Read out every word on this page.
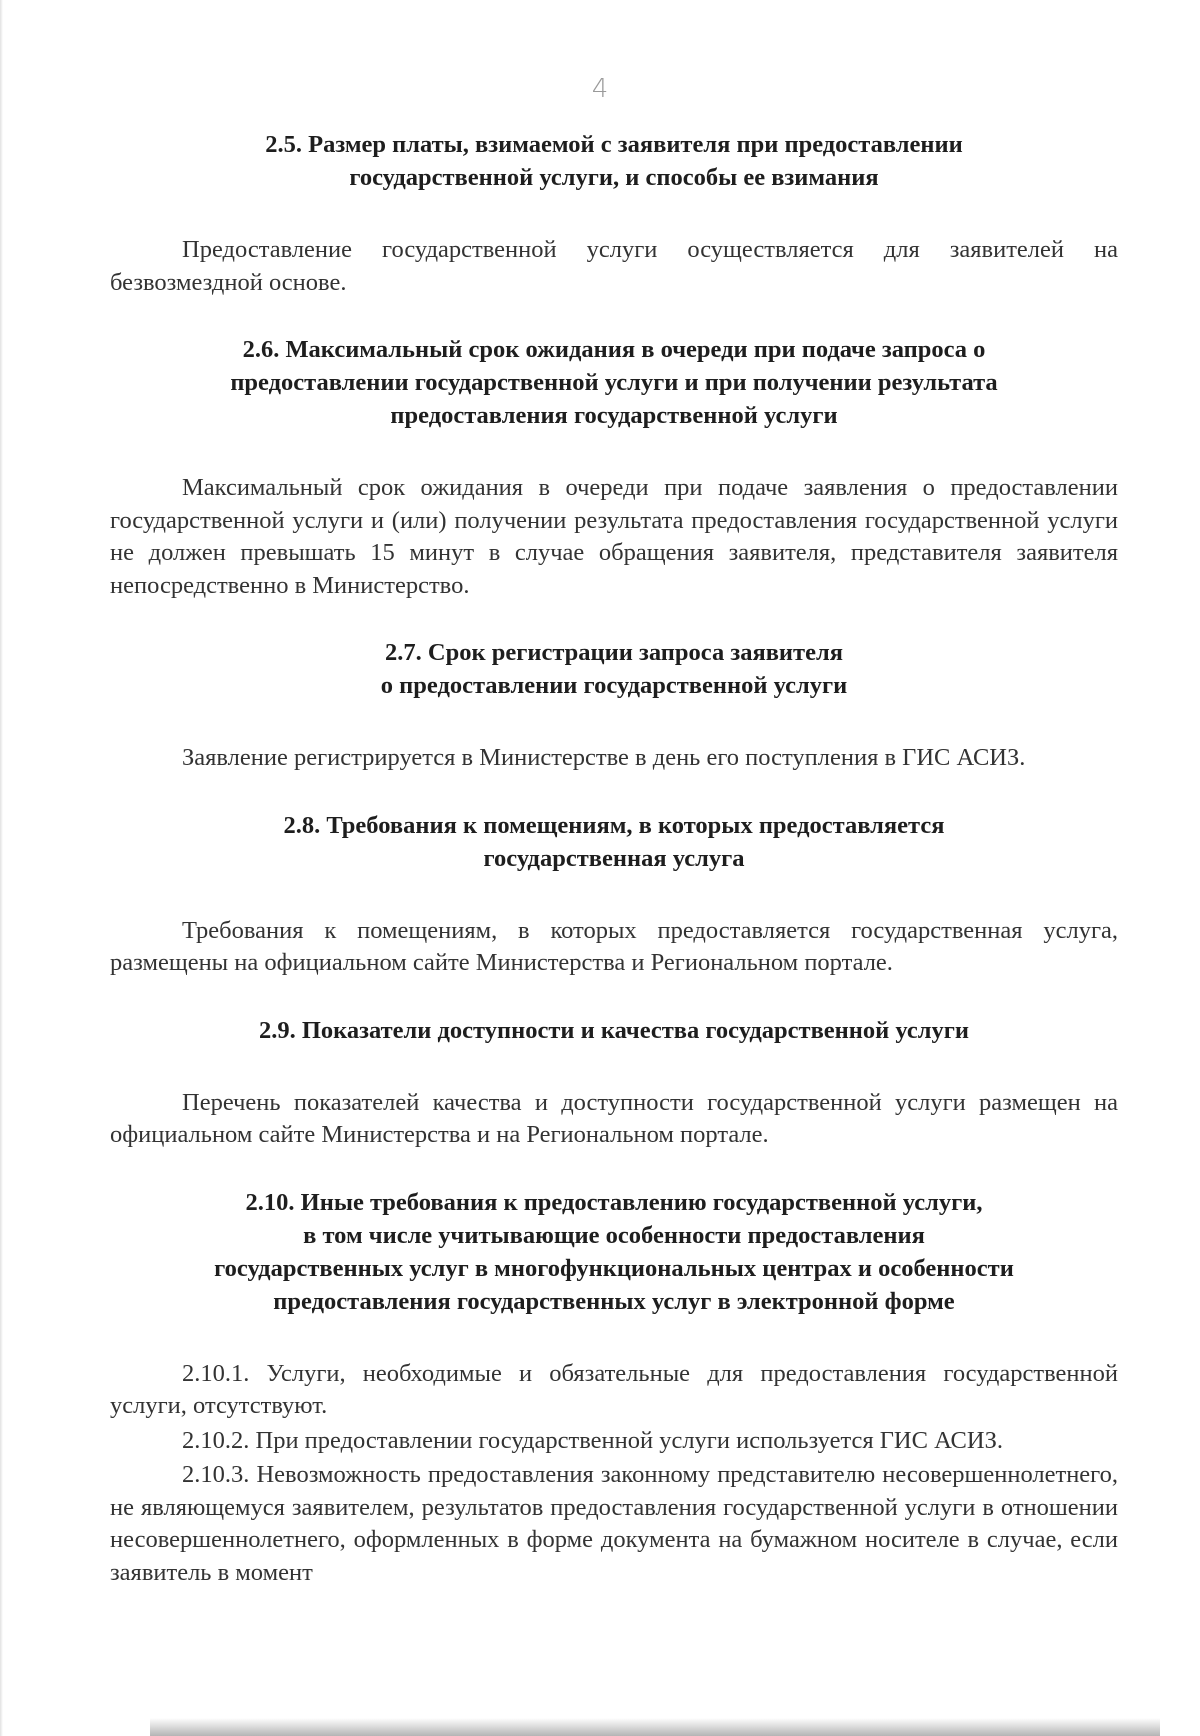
4
2.5. Размер платы, взимаемой с заявителя при предоставлении
государственной услуги, и способы ее взимания

Предоставление государственной услуги осуществляется для заявителей на безвозмездной основе.

2.6. Максимальный срок ожидания в очереди при подаче запроса о
предоставлении государственной услуги и при получении результата
предоставления государственной услуги

Максимальный срок ожидания в очереди при подаче заявления о предоставлении государственной услуги и (или) получении результата предоставления государственной услуги не должен превышать 15 минут в случае обращения заявителя, представителя заявителя непосредственно в Министерство.

2.7. Срок регистрации запроса заявителя
о предоставлении государственной услуги

Заявление регистрируется в Министерстве в день его поступления в ГИС АСИЗ.

2.8. Требования к помещениям, в которых предоставляется
государственная услуга

Требования к помещениям, в которых предоставляется государственная услуга, размещены на официальном сайте Министерства и Региональном портале.

2.9. Показатели доступности и качества государственной услуги

Перечень показателей качества и доступности государственной услуги размещен на официальном сайте Министерства и на Региональном портале.

2.10. Иные требования к предоставлению государственной услуги,
в том числе учитывающие особенности предоставления
государственных услуг в многофункциональных центрах и особенности
предоставления государственных услуг в электронной форме

2.10.1. Услуги, необходимые и обязательные для предоставления государственной услуги, отсутствуют.

2.10.2. При предоставлении государственной услуги используется ГИС АСИЗ.

2.10.3. Невозможность предоставления законному представителю несовершеннолетнего, не являющемуся заявителем, результатов предоставления государственной услуги в отношении несовершеннолетнего, оформленных в форме документа на бумажном носителе в случае, если заявитель в момент
